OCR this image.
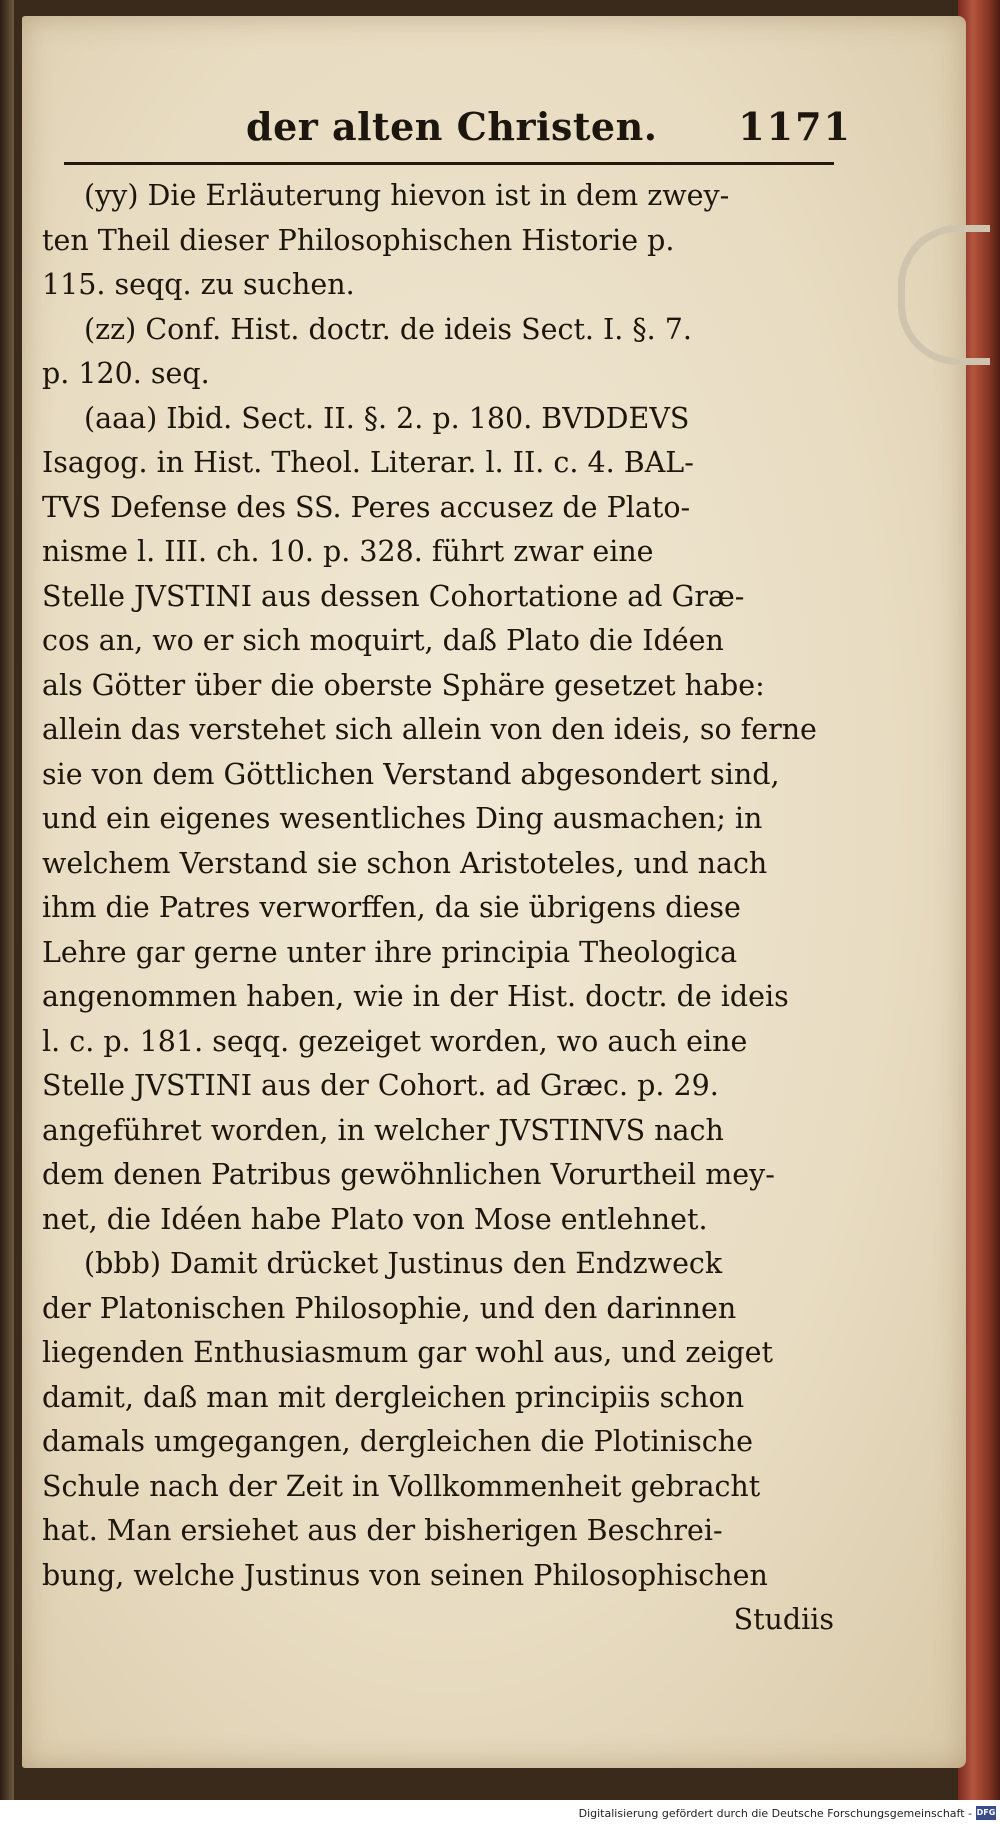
der alten Christen. 1171
(yy) Die Erläuterung hievon ist in dem zwey-
ten Theil dieser Philosophischen Historie p.
115. seqq. zu suchen.
(zz) Conf. Hist. doctr. de ideis Sect. I. §. 7.
p. 120. seq.
(aaa) Ibid. Sect. II. §. 2. p. 180. BVDDEVS
Isagog. in Hist. Theol. Literar. l. II. c. 4. BAL-
TVS Defense des SS. Peres accusez de Plato-
nisme l. III. ch. 10. p. 328. führt zwar eine
Stelle JVSTINI aus dessen Cohortatione ad Græ-
cos an, wo er sich moquirt, daß Plato die Idéen
als Götter über die oberste Sphäre gesetzet habe:
allein das verstehet sich allein von den ideis, so ferne
sie von dem Göttlichen Verstand abgesondert sind,
und ein eigenes wesentliches Ding ausmachen; in
welchem Verstand sie schon Aristoteles, und nach
ihm die Patres verworffen, da sie übrigens diese
Lehre gar gerne unter ihre principia Theologica
angenommen haben, wie in der Hist. doctr. de ideis
l. c. p. 181. seqq. gezeiget worden, wo auch eine
Stelle JVSTINI aus der Cohort. ad Græc. p. 29.
angeführet worden, in welcher JVSTINVS nach
dem denen Patribus gewöhnlichen Vorurtheil mey-
net, die Idéen habe Plato von Mose entlehnet.
(bbb) Damit drücket Justinus den Endzweck
der Platonischen Philosophie, und den darinnen
liegenden Enthusiasmum gar wohl aus, und zeiget
damit, daß man mit dergleichen principiis schon
damals umgegangen, dergleichen die Plotinische
Schule nach der Zeit in Vollkommenheit gebracht
hat. Man ersiehet aus der bisherigen Beschrei-
bung, welche Justinus von seinen Philosophischen
Studiis
Digitalisierung gefördert durch die Deutsche Forschungsgemeinschaft - DFG
